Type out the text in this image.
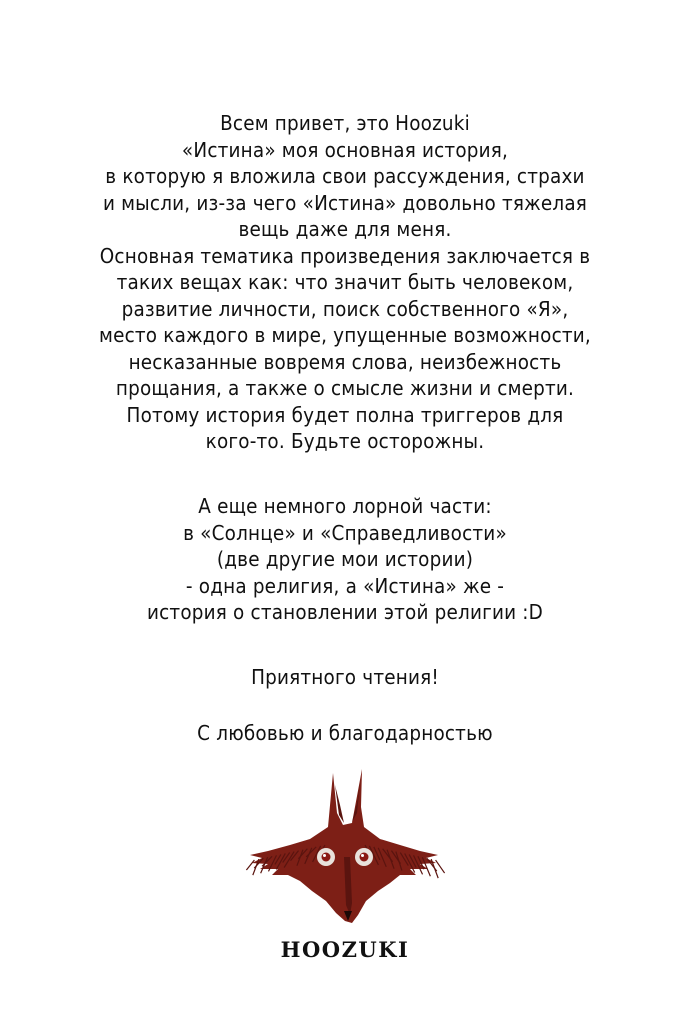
Всем привет, это Hoozuki
«Истина» моя основная история,
в которую я вложила свои рассуждения, страхи
и мысли, из-за чего «Истина» довольно тяжелая
вещь даже для меня.
Основная тематика произведения заключается в
таких вещах как: что значит быть человеком,
развитие личности, поиск собственного «Я»,
место каждого в мире, упущенные возможности,
несказанные вовремя слова, неизбежность
прощания, а также о смысле жизни и смерти.
Потому история будет полна триггеров для
кого-то. Будьте осторожны.
А еще немного лорной части:
в «Солнце» и «Справедливости»
(две другие мои истории)
- одна религия, а «Истина» же -
история о становлении этой религии :D
Приятного чтения!
С любовью и благодарностью
HOOZUKI
